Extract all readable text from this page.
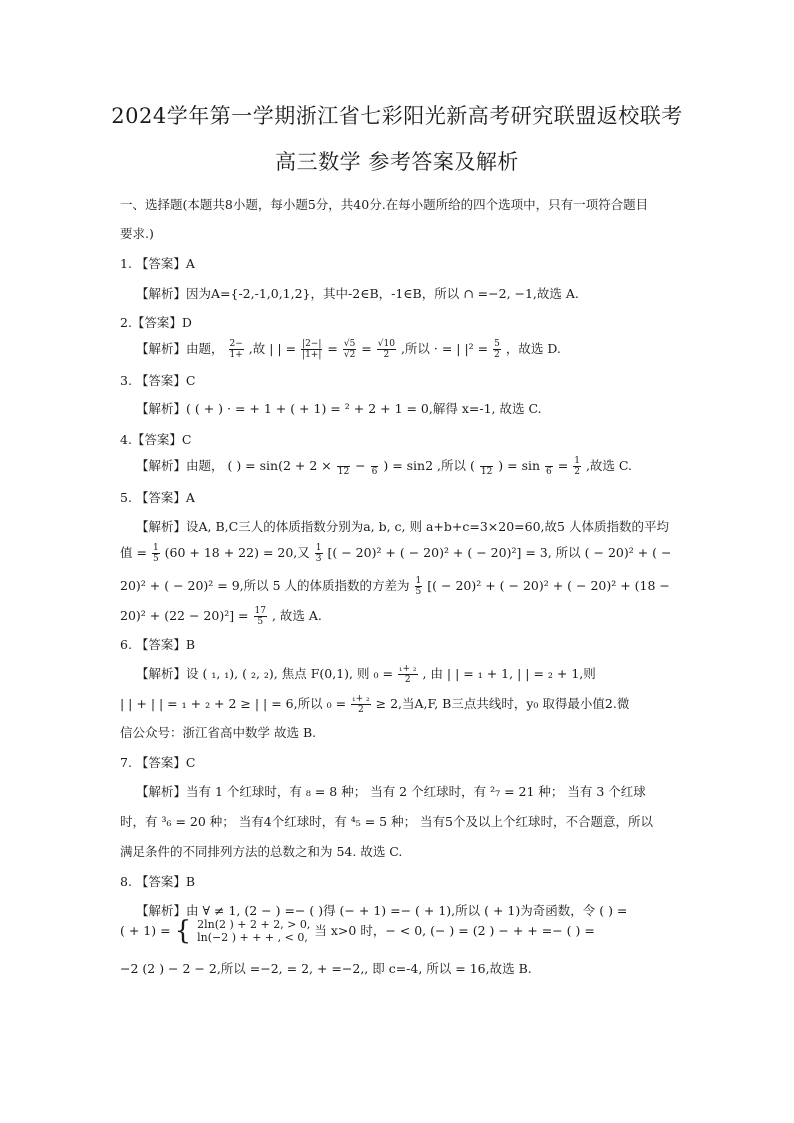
2024学年第一学期浙江省七彩阳光新高考研究联盟返校联考
高三数学 参考答案及解析
一、选择题(本题共8小题，每小题5分，共40分.在每小题所给的四个选项中，只有一项符合题目
要求.)
1. 【答案】A
【解析】因为A={-2,-1,0,1,2}，其中-2∈B，-1∈B，所以 ∩ =−2, −1,故选 A.
2.【答案】D
【解析】由题， $\frac{2-}{1+}$ ,故 | | = $\frac{|2-|}{|1+|} = \frac{√5}{√2} = \frac{√10}{2}$ ,所以 · = | $|^2 = \frac{5}{2}$ ，故选 D.
3. 【答案】C
【解析】( ( + ) · = + 1 + ( + 1) = ² + 2 + 1 = 0,解得 x=-1, 故选 C.
4.【答案】C
【解析】由题， ( ) = sin(2 + 2 ×
12 −
6 ) = sin2 ,所以 (
12 ) = sin
$6 = \frac{1}{2}$ ,故选 C.
5. 【答案】A
【解析】设A, B,C三人的体质指数分别为a, b, c, 则 a+b+c=3×20=60,故5 人体质指数的平均
值 = $\frac{1}{5} (60 + 18 + 22) = 20$,又 $\frac{1}{3}$ [( − 20)² + ( − 20)² + ( − 20)²] = 3, 所以 ( − 20)² + ( −
20)² + ( − 20)² = 9,所以 5 人的体质指数的方差为 $\frac{1}{5}$ [( − 20)² + ( − 20)² + ( − 20)² + (18 −
$20)^2 + (22 - 20)^2] = \frac{17}{5}$ , 故选 A.
6. 【答案】B
【解析】设 ( ₁, ₁), ( ₂, ₂), 焦点 F(0,1), 则 $_0 = \frac{\text{₁+ ₂}}{2}$ , 由 | | = ₁ + 1, | | = ₂ + 1,则
| | + | | = ₁ + ₂ + 2 ≥ | | = 6,所以 $_0 = \frac{\text{₁+ ₂}}{2} \ge 2$,当A,F, B三点共线时，y₀ 取得最小值2.微
信公众号：浙江省高中数学 故选 B.
7. 【答案】C
【解析】当有 1 个红球时，有 ₈ = 8 种； 当有 2 个红球时，有 ²₇ = 21 种； 当有 3 个红球
时，有 ³₆ = 20 种； 当有4个红球时，有 ⁴₅ = 5 种； 当有5个及以上个红球时，不合题意，所以
满足条件的不同排列方法的总数之和为 54. 故选 C.
8. 【答案】B
【解析】由 ∀ ≠ 1, (2 − ) =− ( )得 (− + 1) =− ( + 1),所以 ( + 1)为奇函数，令 ( ) =
( + 1) = { 2ln(2 ) + 2 + 2, > 0,
ln(−2 ) + + + , < 0, 当 x>0 时，− < 0, (− ) = (2 ) − + + =− ( ) =
−2 (2 ) − 2 − 2,所以 =−2, = 2, + =−2,, 即 c=-4, 所以 = 16,故选 B.
